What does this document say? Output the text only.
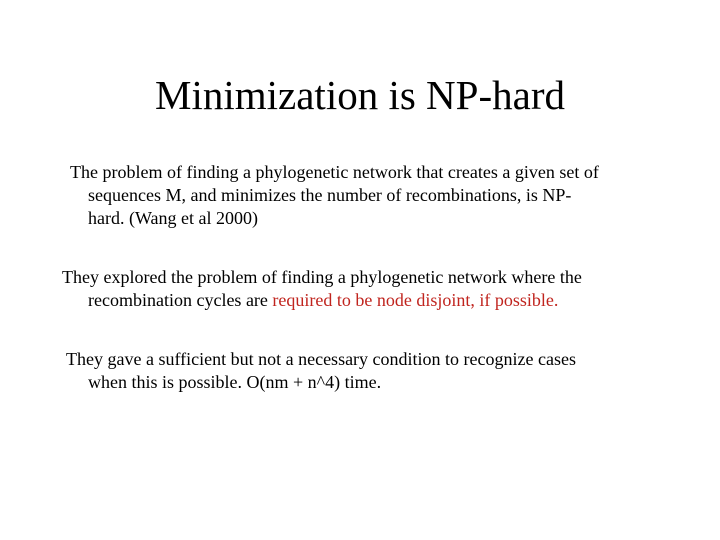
Minimization is NP-hard
The problem of finding a phylogenetic network that creates a given set of
sequences M, and minimizes the number of recombinations, is NP-
hard. (Wang et al 2000)
They explored the problem of finding a phylogenetic network where the
recombination cycles are required to be node disjoint, if possible.
They gave a sufficient but not a necessary condition to recognize cases
when this is possible. O(nm + n^4) time.
